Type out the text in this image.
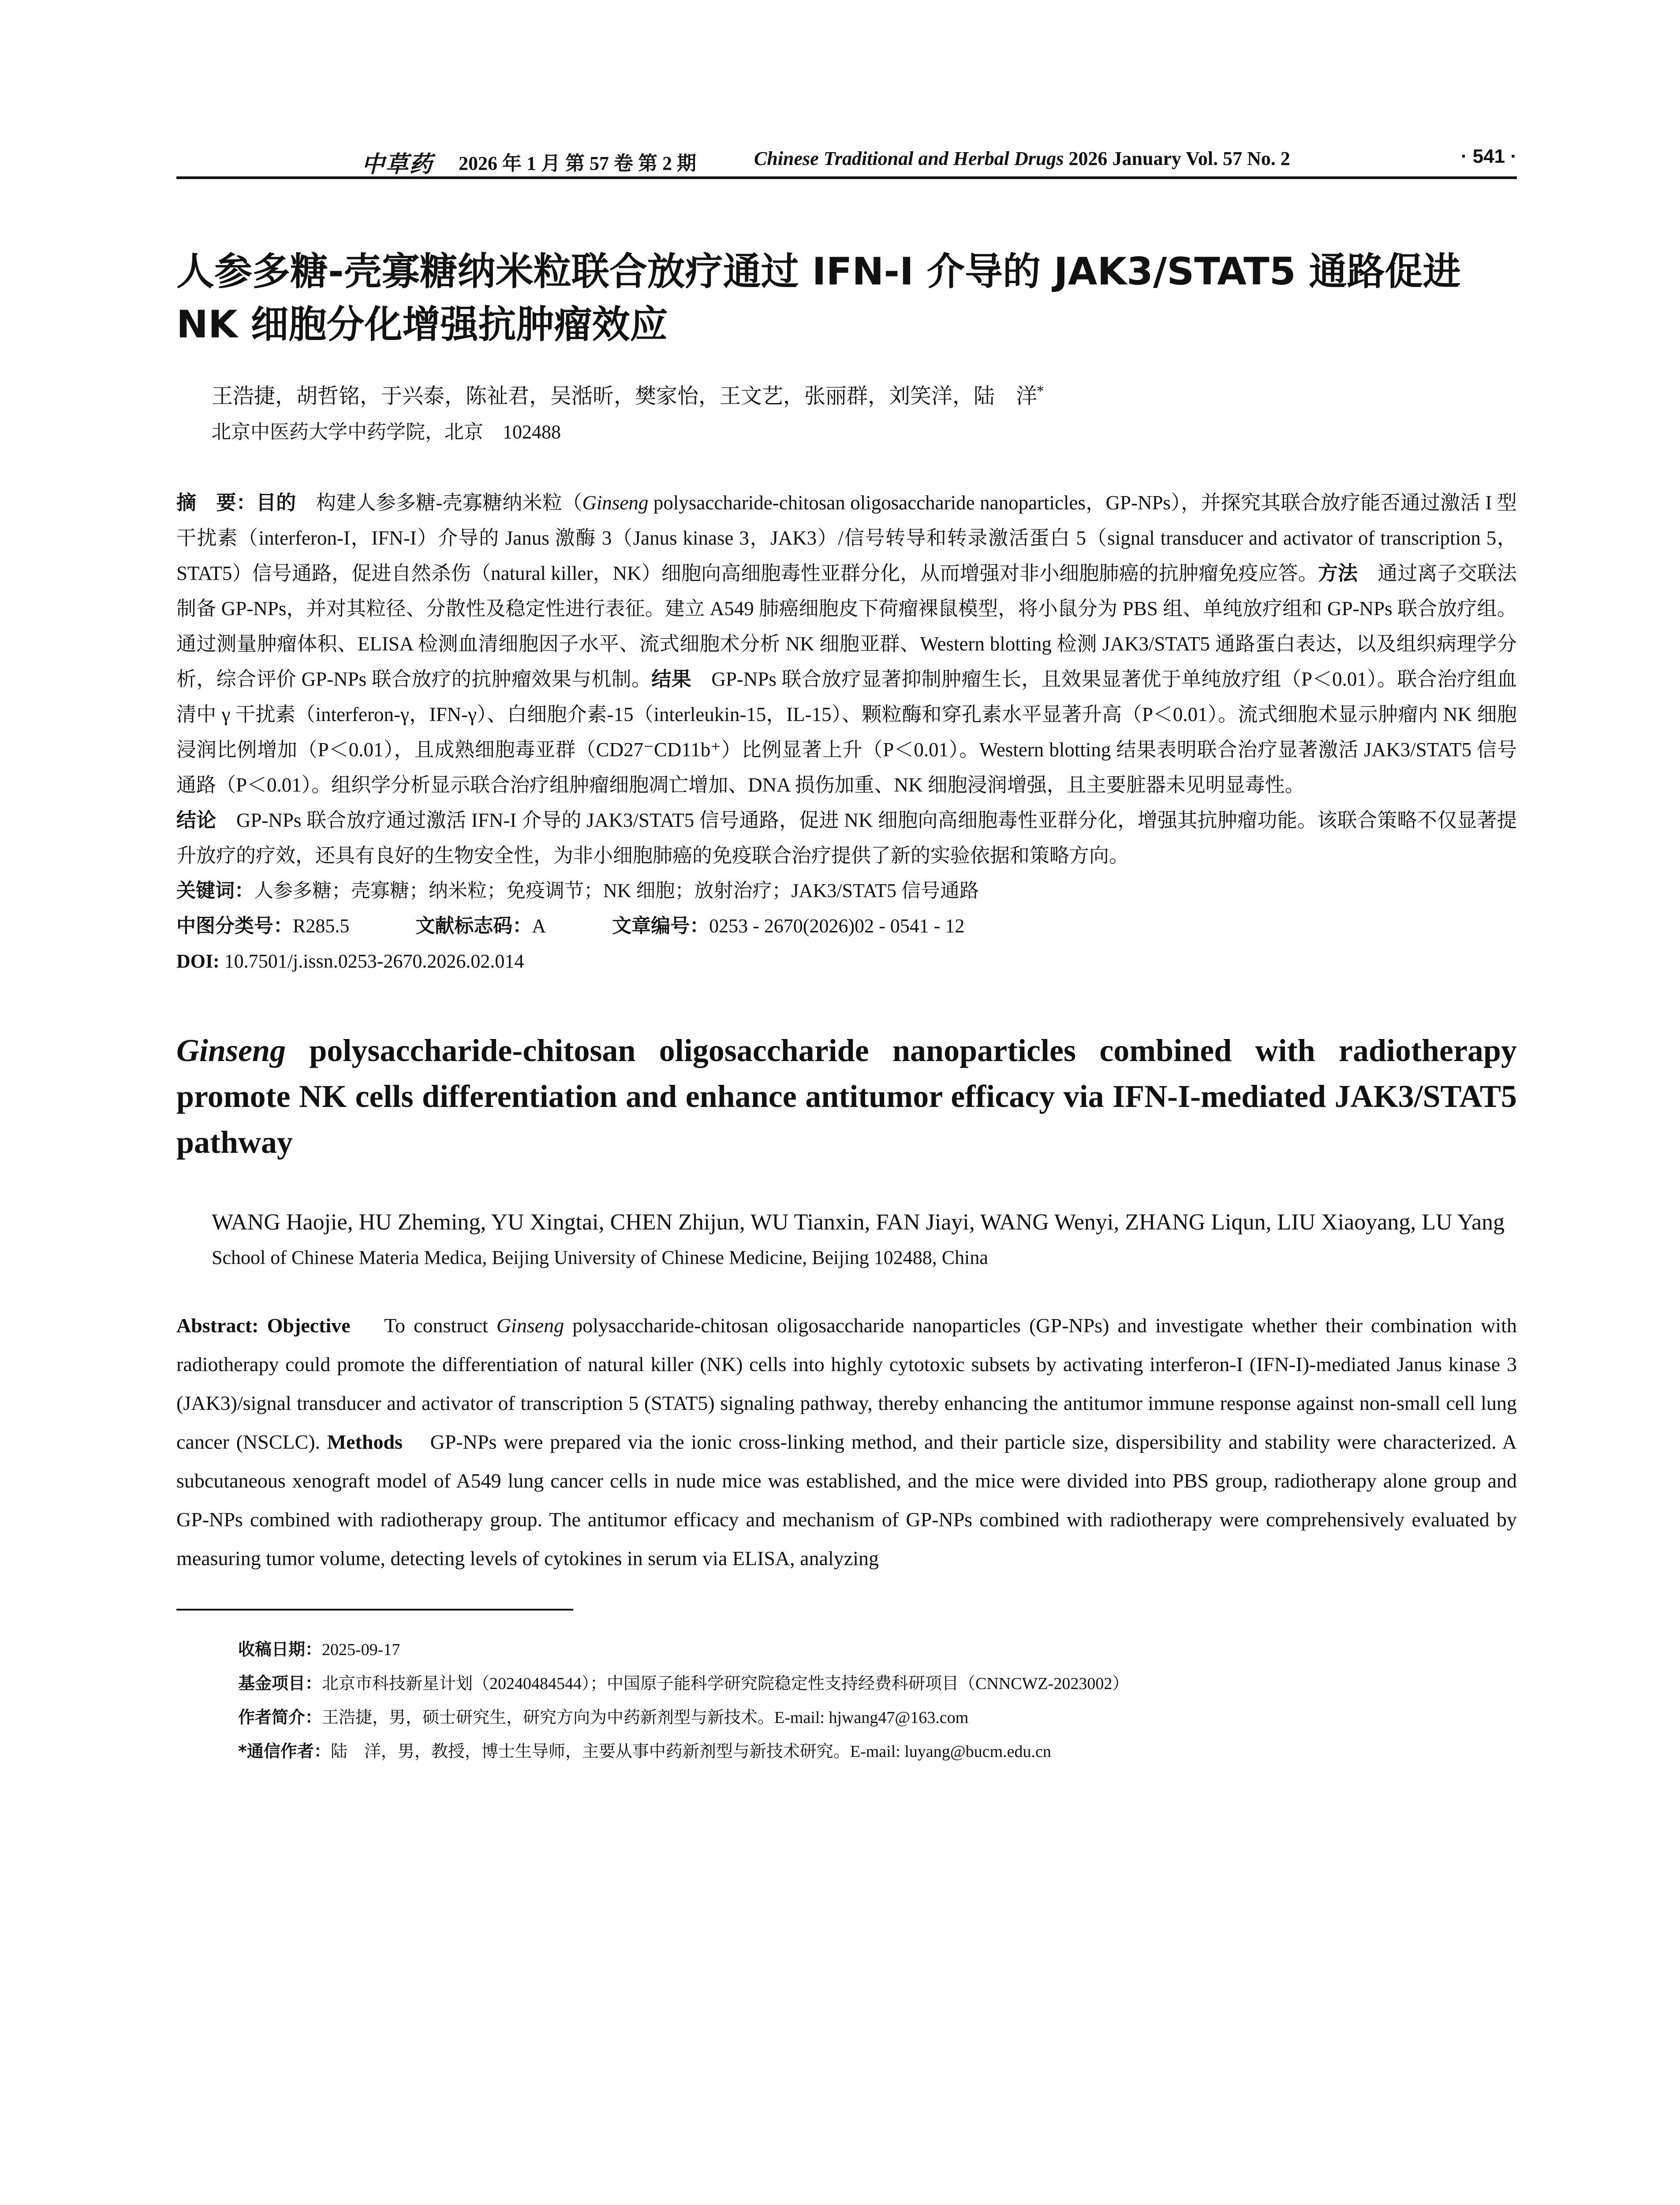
中草药 2026 年 1 月 第 57 卷 第 2 期	Chinese Traditional and Herbal Drugs 2026 January Vol. 57 No. 2	· 541 ·
人参多糖-壳寡糖纳米粒联合放疗通过 IFN-I 介导的 JAK3/STAT5 通路促进 NK 细胞分化增强抗肿瘤效应
王浩捷，胡哲铭，于兴泰，陈祉君，吴湉昕，樊家怡，王文艺，张丽群，刘笑洋，陆　洋*
北京中医药大学中药学院，北京　102488
摘　要：目的　 构建人参多糖-壳寡糖纳米粒（Ginseng polysaccharide-chitosan oligosaccharide nanoparticles，GP-NPs），并探究其联合放疗能否通过激活 I 型干扰素（interferon-I，IFN-I）介导的 Janus 激酶 3（Janus kinase 3，JAK3）/信号转导和转录激活蛋白 5（signal transducer and activator of transcription 5，STAT5）信号通路，促进自然杀伤（natural killer，NK）细胞向高细胞毒性亚群分化，从而增强对非小细胞肺癌的抗肿瘤免疫应答。方法　 通过离子交联法制备 GP-NPs，并对其粒径、分散性及稳定性进行表征。建立 A549 肺癌细胞皮下荷瘤裸鼠模型，将小鼠分为 PBS 组、单纯放疗组和 GP-NPs 联合放疗组。通过测量肿瘤体积、ELISA 检测血清细胞因子水平、流式细胞术分析 NK 细胞亚群、Western blotting 检测 JAK3/STAT5 通路蛋白表达，以及组织病理学分析，综合评价 GP-NPs 联合放疗的抗肿瘤效果与机制。结果　 GP-NPs 联合放疗显著抑制肿瘤生长，且效果显著优于单纯放疗组（P＜0.01）。联合治疗组血清中 γ 干扰素（interferon-γ，IFN-γ）、白细胞介素-15（interleukin-15，IL-15）、颗粒酶和穿孔素水平显著升高（P＜0.01）。流式细胞术显示肿瘤内 NK 细胞浸润比例增加（P＜0.01），且成熟细胞毒亚群（CD27⁻CD11b⁺）比例显著上升（P＜0.01）。Western blotting 结果表明联合治疗显著激活 JAK3/STAT5 信号通路（P＜0.01）。组织学分析显示联合治疗组肿瘤细胞凋亡增加、DNA 损伤加重、NK 细胞浸润增强，且主要脏器未见明显毒性。
结论　 GP-NPs 联合放疗通过激活 IFN-I 介导的 JAK3/STAT5 信号通路，促进 NK 细胞向高细胞毒性亚群分化，增强其抗肿瘤功能。该联合策略不仅显著提升放疗的疗效，还具有良好的生物安全性，为非小细胞肺癌的免疫联合治疗提供了新的实验依据和策略方向。
关键词：人参多糖；壳寡糖；纳米粒；免疫调节；NK 细胞；放射治疗；JAK3/STAT5 信号通路
中图分类号：R285.5	文献标志码：A	文章编号：0253 - 2670(2026)02 - 0541 - 12
DOI: 10.7501/j.issn.0253-2670.2026.02.014
Ginseng polysaccharide-chitosan oligosaccharide nanoparticles combined with radiotherapy promote NK cells differentiation and enhance antitumor efficacy via IFN-I-mediated JAK3/STAT5 pathway
WANG Haojie, HU Zheming, YU Xingtai, CHEN Zhijun, WU Tianxin, FAN Jiayi, WANG Wenyi, ZHANG Liqun, LIU Xiaoyang, LU Yang
School of Chinese Materia Medica, Beijing University of Chinese Medicine, Beijing 102488, China
Abstract: Objective To construct Ginseng polysaccharide-chitosan oligosaccharide nanoparticles (GP-NPs) and investigate whether their combination with radiotherapy could promote the differentiation of natural killer (NK) cells into highly cytotoxic subsets by activating interferon-I (IFN-I)-mediated Janus kinase 3 (JAK3)/signal transducer and activator of transcription 5 (STAT5) signaling pathway, thereby enhancing the antitumor immune response against non-small cell lung cancer (NSCLC). Methods GP-NPs were prepared via the ionic cross-linking method, and their particle size, dispersibility and stability were characterized. A subcutaneous xenograft model of A549 lung cancer cells in nude mice was established, and the mice were divided into PBS group, radiotherapy alone group and GP-NPs combined with radiotherapy group. The antitumor efficacy and mechanism of GP-NPs combined with radiotherapy were comprehensively evaluated by measuring tumor volume, detecting levels of cytokines in serum via ELISA, analyzing
收稿日期：2025-09-17
基金项目：北京市科技新星计划（20240484544）；中国原子能科学研究院稳定性支持经费科研项目（CNNCWZ-2023002）
作者简介：王浩捷，男，硕士研究生，研究方向为中药新剂型与新技术。E-mail: hjwang47@163.com
*通信作者：陆　洋，男，教授，博士生导师，主要从事中药新剂型与新技术研究。E-mail: luyang@bucm.edu.cn
